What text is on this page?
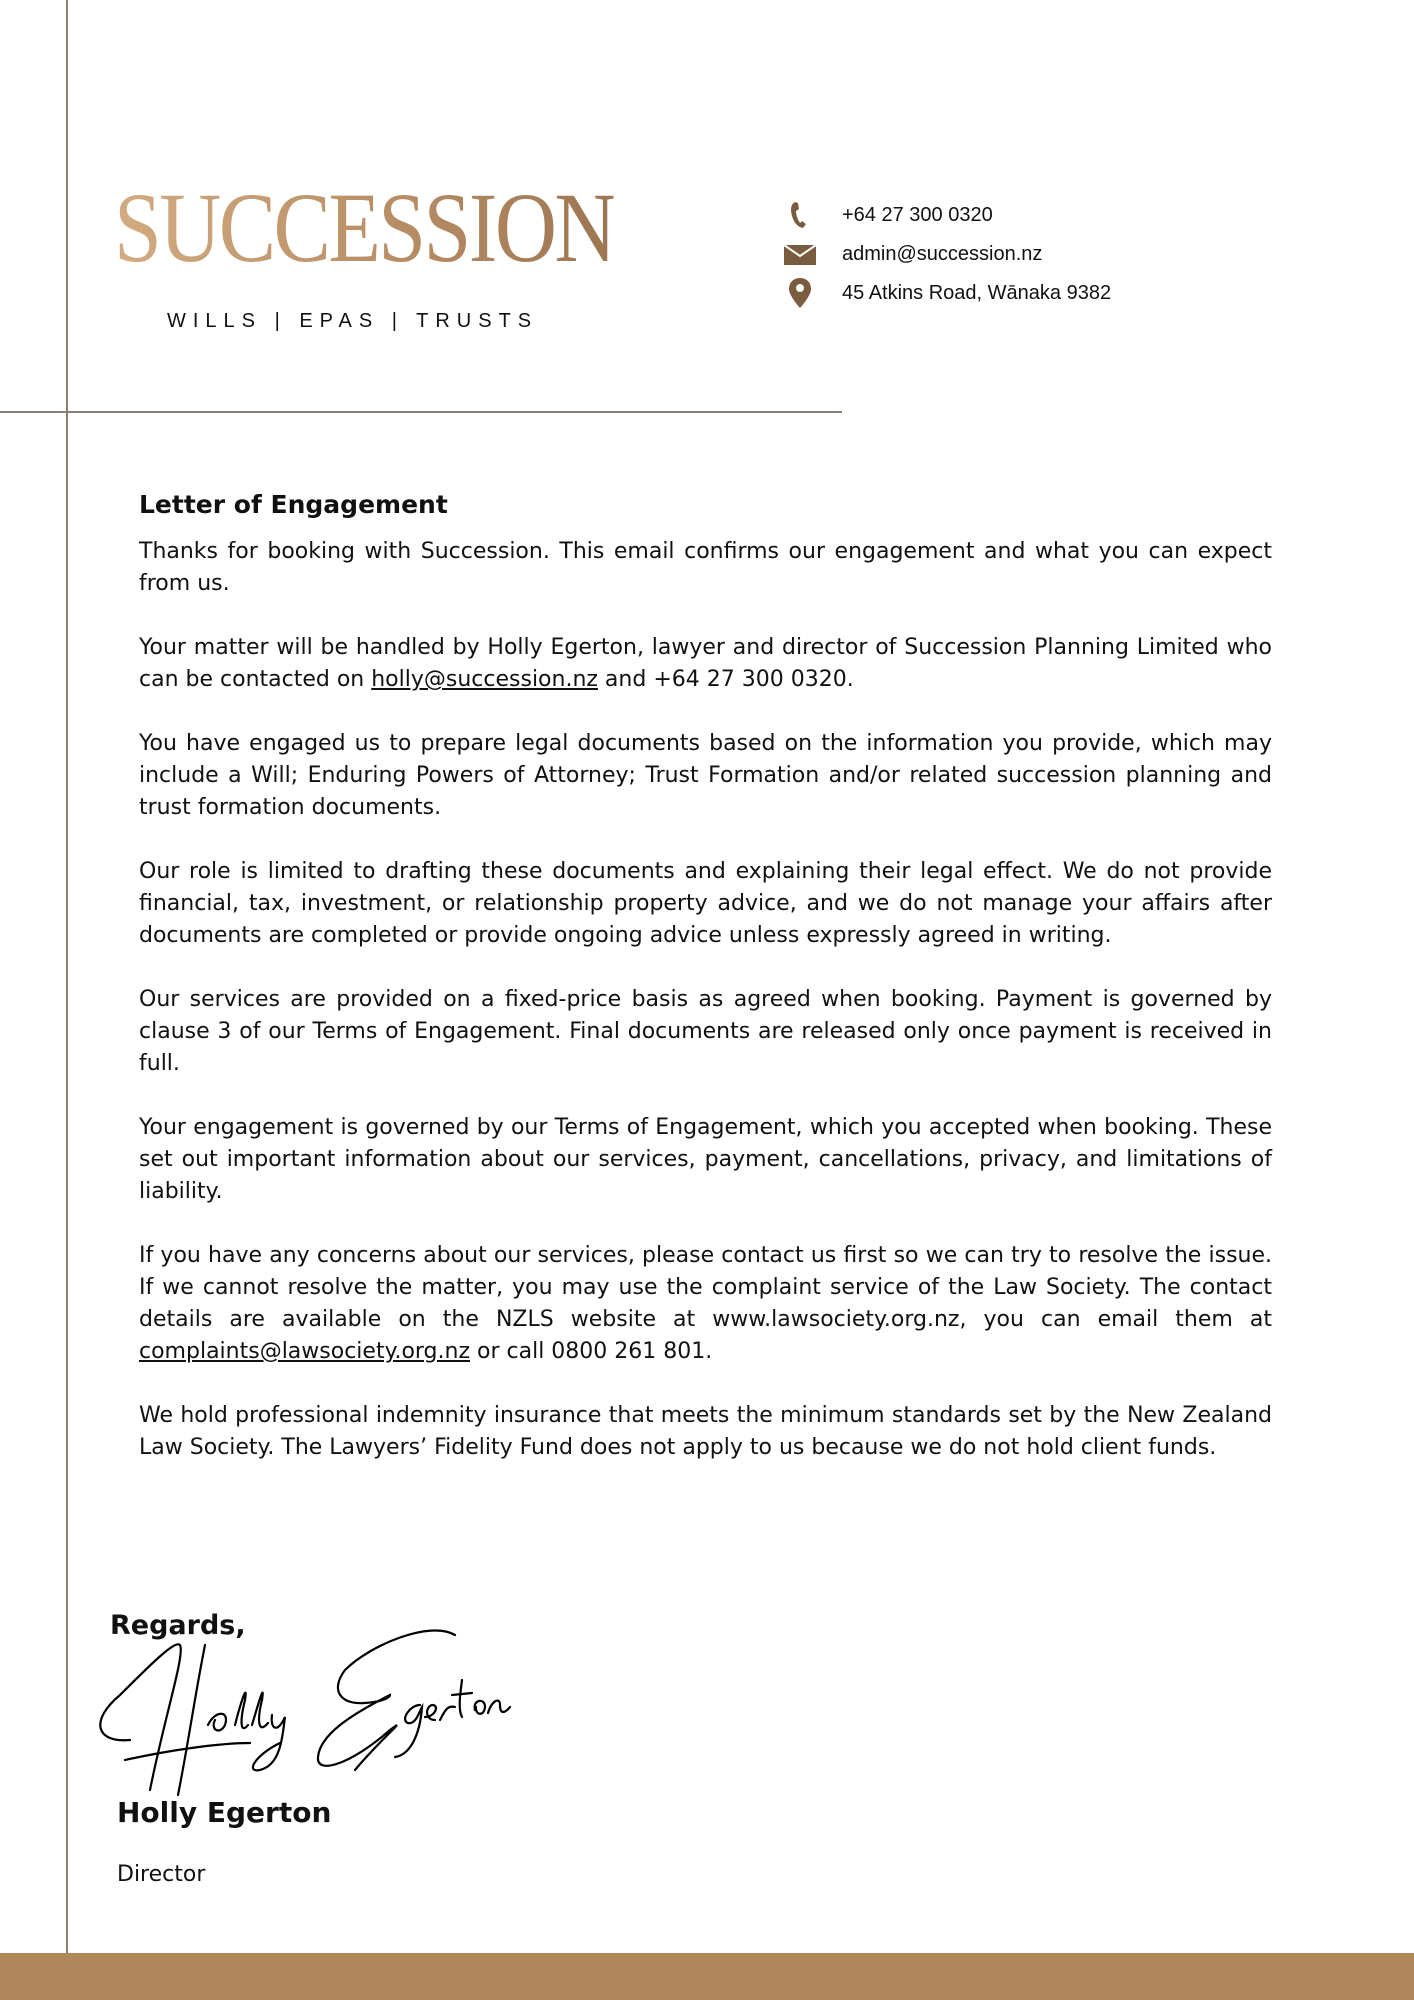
SUCCESSION
WILLS | EPAS | TRUSTS
+64 27 300 0320
admin@succession.nz
45 Atkins Road, Wānaka 9382
Letter of Engagement

Thanks for booking with Succession. This email confirms our engagement and what you can expect from us.

Your matter will be handled by Holly Egerton, lawyer and director of Succession Planning Limited who can be contacted on holly@succession.nz and +64 27 300 0320.

You have engaged us to prepare legal documents based on the information you provide, which may include a Will; Enduring Powers of Attorney; Trust Formation and/or related succession planning and trust formation documents.

Our role is limited to drafting these documents and explaining their legal effect. We do not provide financial, tax, investment, or relationship property advice, and we do not manage your affairs after documents are completed or provide ongoing advice unless expressly agreed in writing.

Our services are provided on a fixed-price basis as agreed when booking. Payment is governed by clause 3 of our Terms of Engagement. Final documents are released only once payment is received in full.

Your engagement is governed by our Terms of Engagement, which you accepted when booking. These set out important information about our services, payment, cancellations, privacy, and limitations of liability.

If you have any concerns about our services, please contact us first so we can try to resolve the issue. If we cannot resolve the matter, you may use the complaint service of the Law Society. The contact details are available on the NZLS website at www.lawsociety.org.nz, you can email them at complaints@lawsociety.org.nz or call 0800 261 801.

We hold professional indemnity insurance that meets the minimum standards set by the New Zealand Law Society. The Lawyers’ Fidelity Fund does not apply to us because we do not hold client funds.

Regards,
Holly Egerton
Director
